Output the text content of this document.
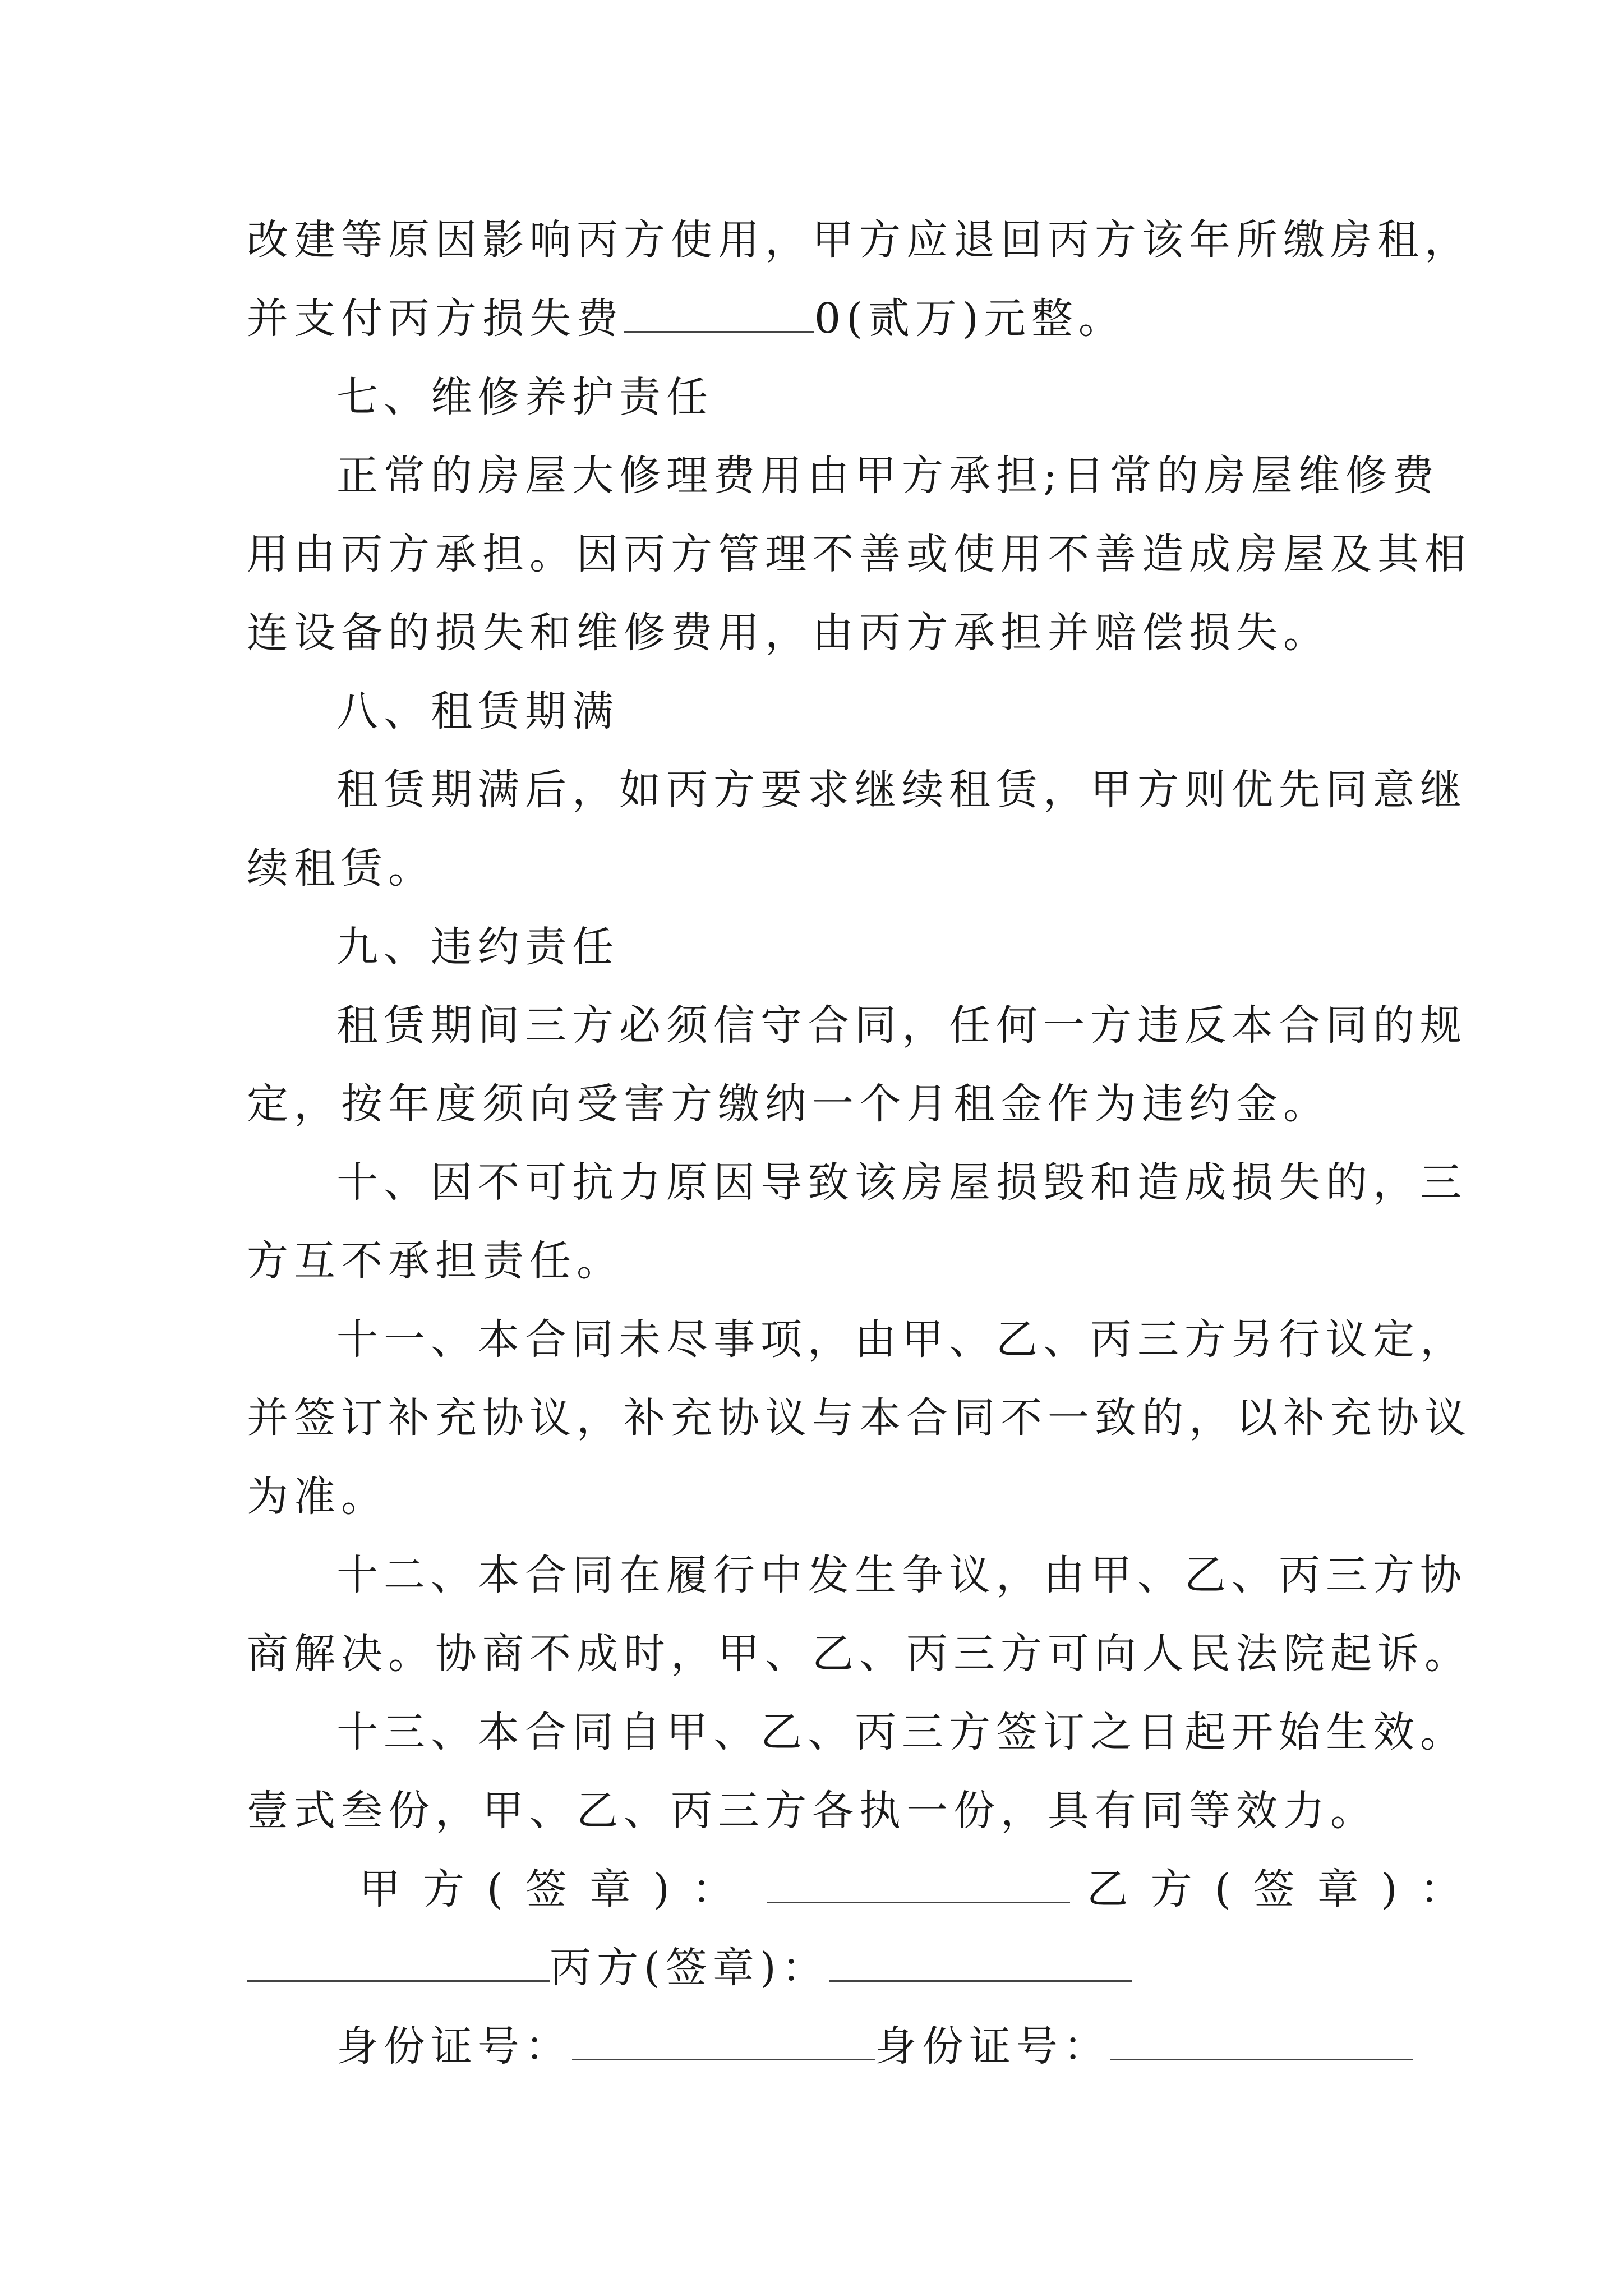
改建等原因影响丙方使用，甲方应退回丙方该年所缴房租，
并支付丙方损失费	0(贰万)元整。
七、维修养护责任
正常的房屋大修理费用由甲方承担;日常的房屋维修费
用由丙方承担。因丙方管理不善或使用不善造成房屋及其相
连设备的损失和维修费用，由丙方承担并赔偿损失。
八、租赁期满
租赁期满后，如丙方要求继续租赁，甲方则优先同意继
续租赁。
九、违约责任
租赁期间三方必须信守合同，任何一方违反本合同的规
定，按年度须向受害方缴纳一个月租金作为违约金。
十、因不可抗力原因导致该房屋损毁和造成损失的，三
方互不承担责任。
十一、本合同未尽事项，由甲、乙、丙三方另行议定，
并签订补充协议，补充协议与本合同不一致的，以补充协议
为准。
十二、本合同在履行中发生争议，由甲、乙、丙三方协
商解决。协商不成时，甲、乙、丙三方可向人民法院起诉。
十三、本合同自甲、乙、丙三方签订之日起开始生效。
壹式叁份，甲、乙、丙三方各执一份，具有同等效力。
甲方(签章)：	乙方(签章)：
丙方(签章)：
身份证号：	身份证号：
